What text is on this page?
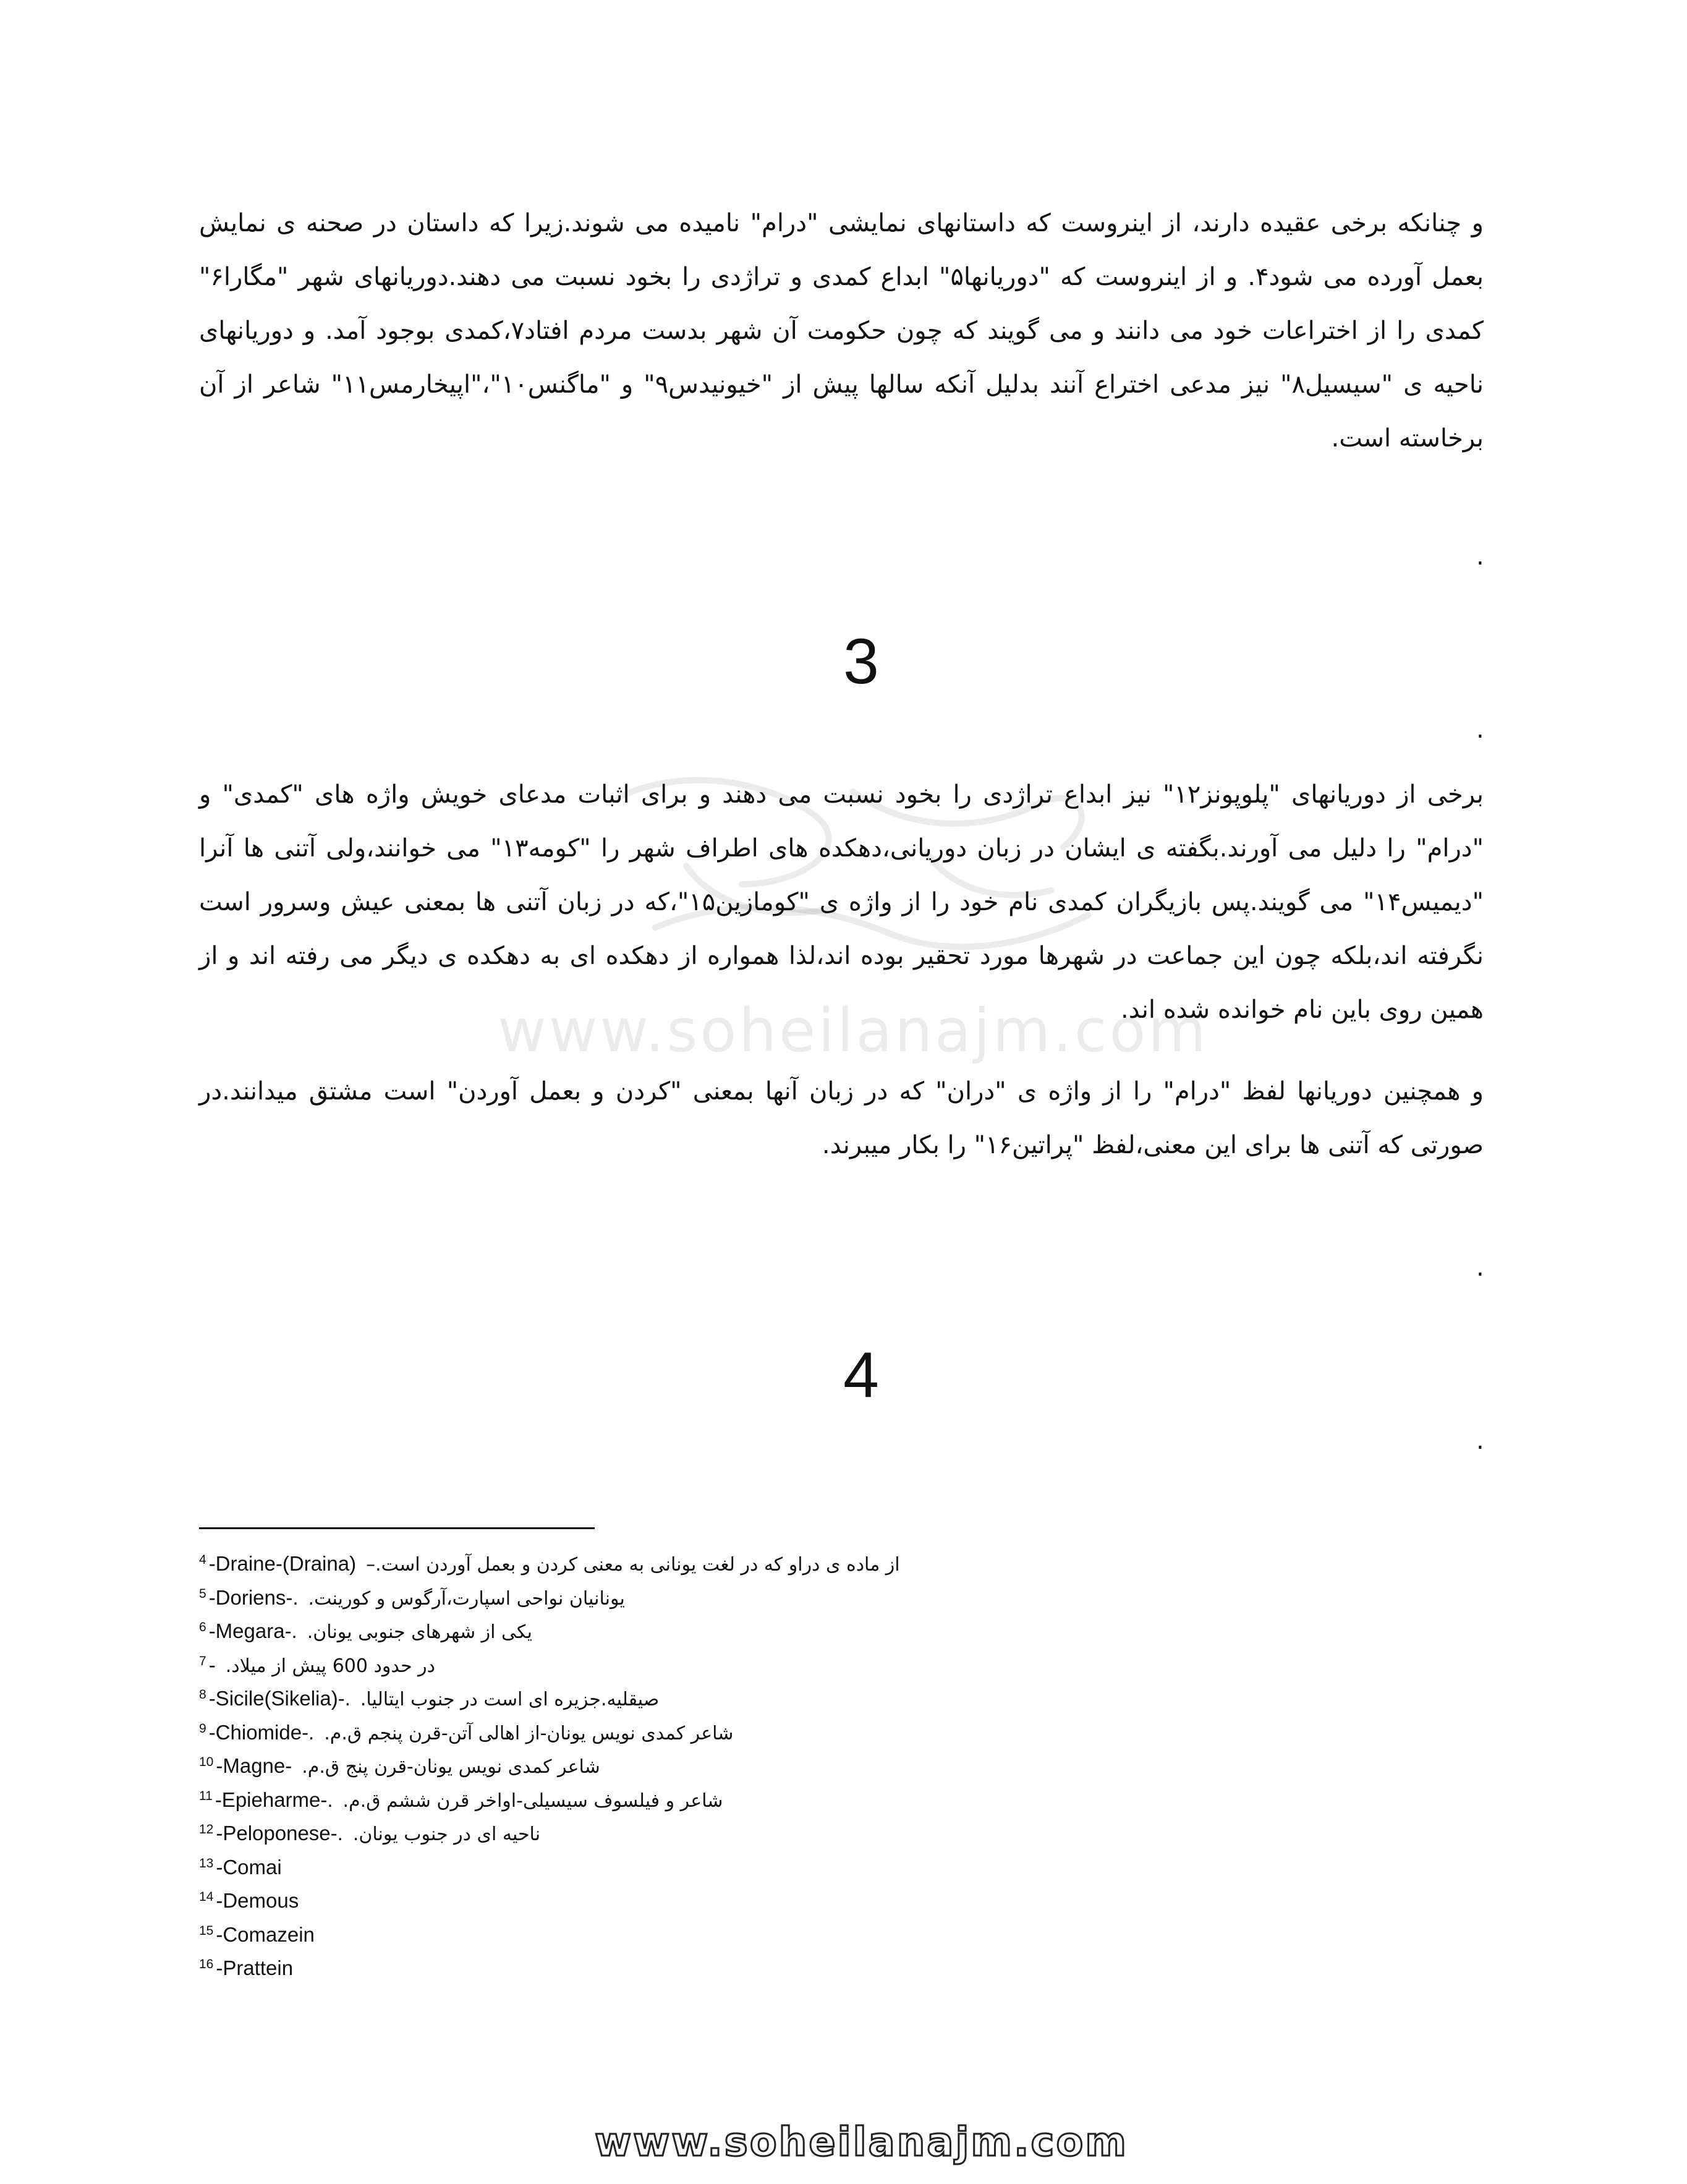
و چنانکه برخی عقیده دارند، از اینروست که داستانهای نمایشی "درام" نامیده می شوند.زیرا که داستان در صحنه ی نمایش بعمل آورده می شود۴. و از اینروست که "دوریانها۵" ابداع کمدی و تراژدی را بخود نسبت می دهند.دوریانهای شهر "مگارا۶" کمدی را از اختراعات خود می دانند و می گویند که چون حکومت آن شهر بدست مردم افتاد۷،کمدی بوجود آمد. و دوریانهای ناحیه ی "سیسیل۸" نیز مدعی اختراع آنند بدلیل آنکه سالها پیش از "خیونیدس۹" و "ماگنس۱۰"،"اپیخارمس۱۱" شاعر از آن برخاسته است.

.
3
.

برخی از دوریانهای "پلوپونز۱۲" نیز ابداع تراژدی را بخود نسبت می دهند و برای اثبات مدعای خویش واژه های "کمدی" و "درام" را دلیل می آورند.بگفته ی ایشان در زبان دوریانی،دهکده های اطراف شهر را "کومه۱۳" می خوانند،ولی آتنی ها آنرا "دیمیس۱۴" می گویند.پس بازیگران کمدی نام خود را از واژه ی "کومازین۱۵"،که در زبان آتنی ها بمعنی عیش وسرور است نگرفته اند،بلکه چون این جماعت در شهرها مورد تحقیر بوده اند،لذا همواره از دهکده ای به دهکده ی دیگر می رفته اند و از همین روی باین نام خوانده شده اند.

و همچنین دوریانها لفظ "درام" را از واژه ی "دران" که در زبان آنها بمعنی "کردن و بعمل آوردن" است مشتق میدانند.در صورتی که آتنی ها برای این معنی،لفظ "پراتین۱۶" را بکار میبرند.

.
4
.
$^4$ -Draine-(Draina) از ماده ی دراو که در لغت یونانی به معنی کردن و بعمل آوردن است.–
$^5$ -Doriens-. یونانیان نواحی اسپارت،آرگوس و کورینت.
$^6$ -Megara-. یکی از شهرهای جنوبی یونان.
$^7$ - در حدود 600 پیش از میلاد.
$^8$ -Sicile(Sikelia)-. صیقلیه.جزیره ای است در جنوب ایتالیا.
$^9$ -Chiomide-. شاعر کمدی نویس یونان-از اهالی آتن-قرن پنجم ق.م.
$^{10}$ -Magne- شاعر کمدی نویس یونان-قرن پنج ق.م.
$^{11}$ -Epieharme-. شاعر و فیلسوف سیسیلی-اواخر قرن ششم ق.م.
$^{12}$ -Peloponese-. ناحیه ای در جنوب یونان.
$^{13}$ -Comai
$^{14}$ -Demous
$^{15}$ -Comazein
$^{16}$ -Prattein
www.soheilanajm.com
www.soheilanajm.com
